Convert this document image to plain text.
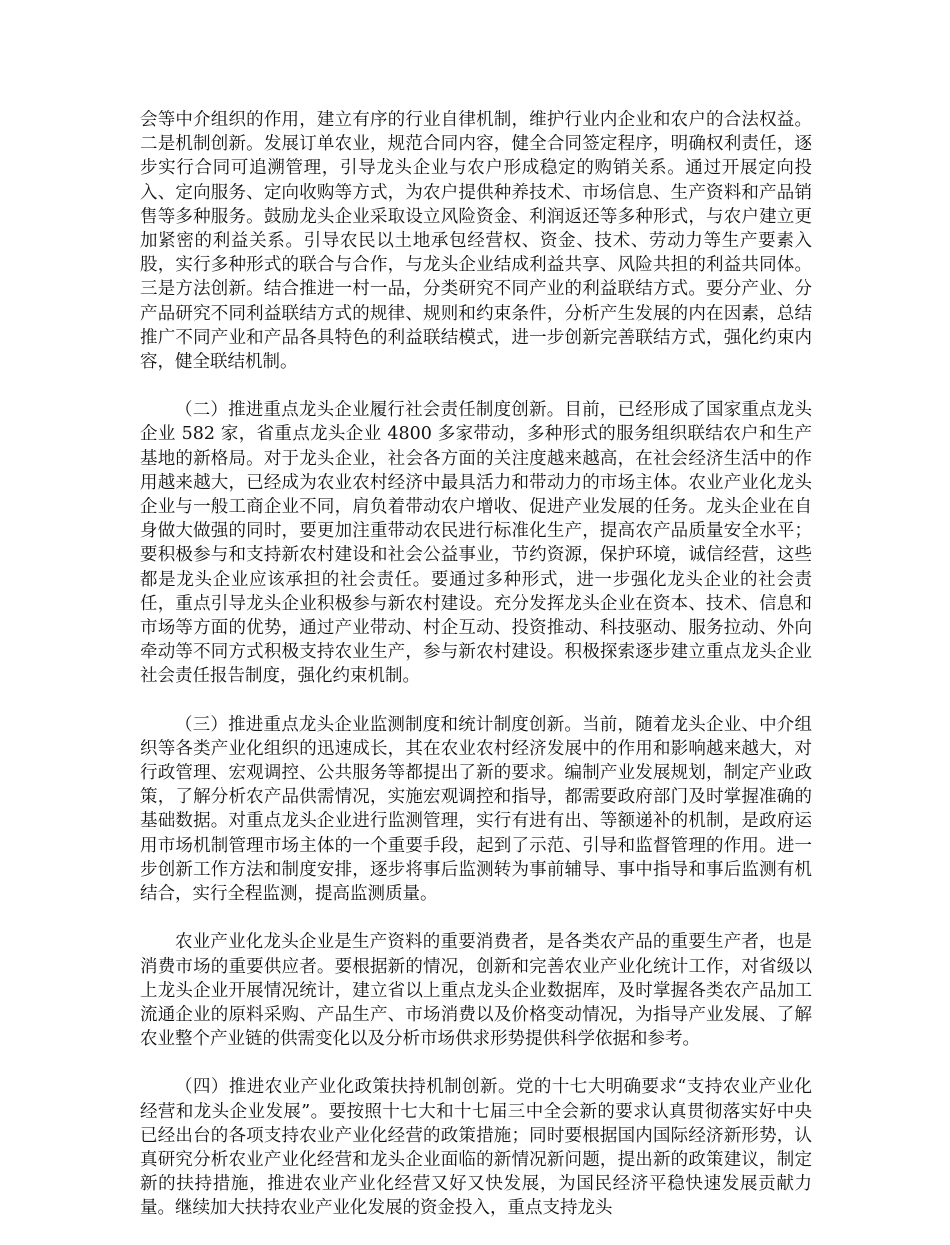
会等中介组织的作用，建立有序的行业自律机制，维护行业内企业和农户的合法权益。二是机制创新。发展订单农业，规范合同内容，健全合同签定程序，明确权利责任，逐步实行合同可追溯管理，引导龙头企业与农户形成稳定的购销关系。通过开展定向投入、定向服务、定向收购等方式，为农户提供种养技术、市场信息、生产资料和产品销售等多种服务。鼓励龙头企业采取设立风险资金、利润返还等多种形式，与农户建立更加紧密的利益关系。引导农民以土地承包经营权、资金、技术、劳动力等生产要素入股，实行多种形式的联合与合作，与龙头企业结成利益共享、风险共担的利益共同体。三是方法创新。结合推进一村一品，分类研究不同产业的利益联结方式。要分产业、分产品研究不同利益联结方式的规律、规则和约束条件，分析产生发展的内在因素，总结推广不同产业和产品各具特色的利益联结模式，进一步创新完善联结方式，强化约束内容，健全联结机制。

（二）推进重点龙头企业履行社会责任制度创新。目前，已经形成了国家重点龙头企业 582 家，省重点龙头企业 4800 多家带动，多种形式的服务组织联结农户和生产基地的新格局。对于龙头企业，社会各方面的关注度越来越高，在社会经济生活中的作用越来越大，已经成为农业农村经济中最具活力和带动力的市场主体。农业产业化龙头企业与一般工商企业不同，肩负着带动农户增收、促进产业发展的任务。龙头企业在自身做大做强的同时，要更加注重带动农民进行标准化生产，提高农产品质量安全水平；要积极参与和支持新农村建设和社会公益事业，节约资源，保护环境，诚信经营，这些都是龙头企业应该承担的社会责任。要通过多种形式，进一步强化龙头企业的社会责任，重点引导龙头企业积极参与新农村建设。充分发挥龙头企业在资本、技术、信息和市场等方面的优势，通过产业带动、村企互动、投资推动、科技驱动、服务拉动、外向牵动等不同方式积极支持农业生产，参与新农村建设。积极探索逐步建立重点龙头企业社会责任报告制度，强化约束机制。

（三）推进重点龙头企业监测制度和统计制度创新。当前，随着龙头企业、中介组织等各类产业化组织的迅速成长，其在农业农村经济发展中的作用和影响越来越大，对行政管理、宏观调控、公共服务等都提出了新的要求。编制产业发展规划，制定产业政策，了解分析农产品供需情况，实施宏观调控和指导，都需要政府部门及时掌握准确的基础数据。对重点龙头企业进行监测管理，实行有进有出、等额递补的机制，是政府运用市场机制管理市场主体的一个重要手段，起到了示范、引导和监督管理的作用。进一步创新工作方法和制度安排，逐步将事后监测转为事前辅导、事中指导和事后监测有机结合，实行全程监测，提高监测质量。

农业产业化龙头企业是生产资料的重要消费者，是各类农产品的重要生产者，也是消费市场的重要供应者。要根据新的情况，创新和完善农业产业化统计工作，对省级以上龙头企业开展情况统计，建立省以上重点龙头企业数据库，及时掌握各类农产品加工流通企业的原料采购、产品生产、市场消费以及价格变动情况，为指导产业发展、了解农业整个产业链的供需变化以及分析市场供求形势提供科学依据和参考。

（四）推进农业产业化政策扶持机制创新。党的十七大明确要求“支持农业产业化经营和龙头企业发展”。要按照十七大和十七届三中全会新的要求认真贯彻落实好中央已经出台的各项支持农业产业化经营的政策措施；同时要根据国内国际经济新形势，认真研究分析农业产业化经营和龙头企业面临的新情况新问题，提出新的政策建议，制定新的扶持措施，推进农业产业化经营又好又快发展，为国民经济平稳快速发展贡献力量。继续加大扶持农业产业化发展的资金投入，重点支持龙头
